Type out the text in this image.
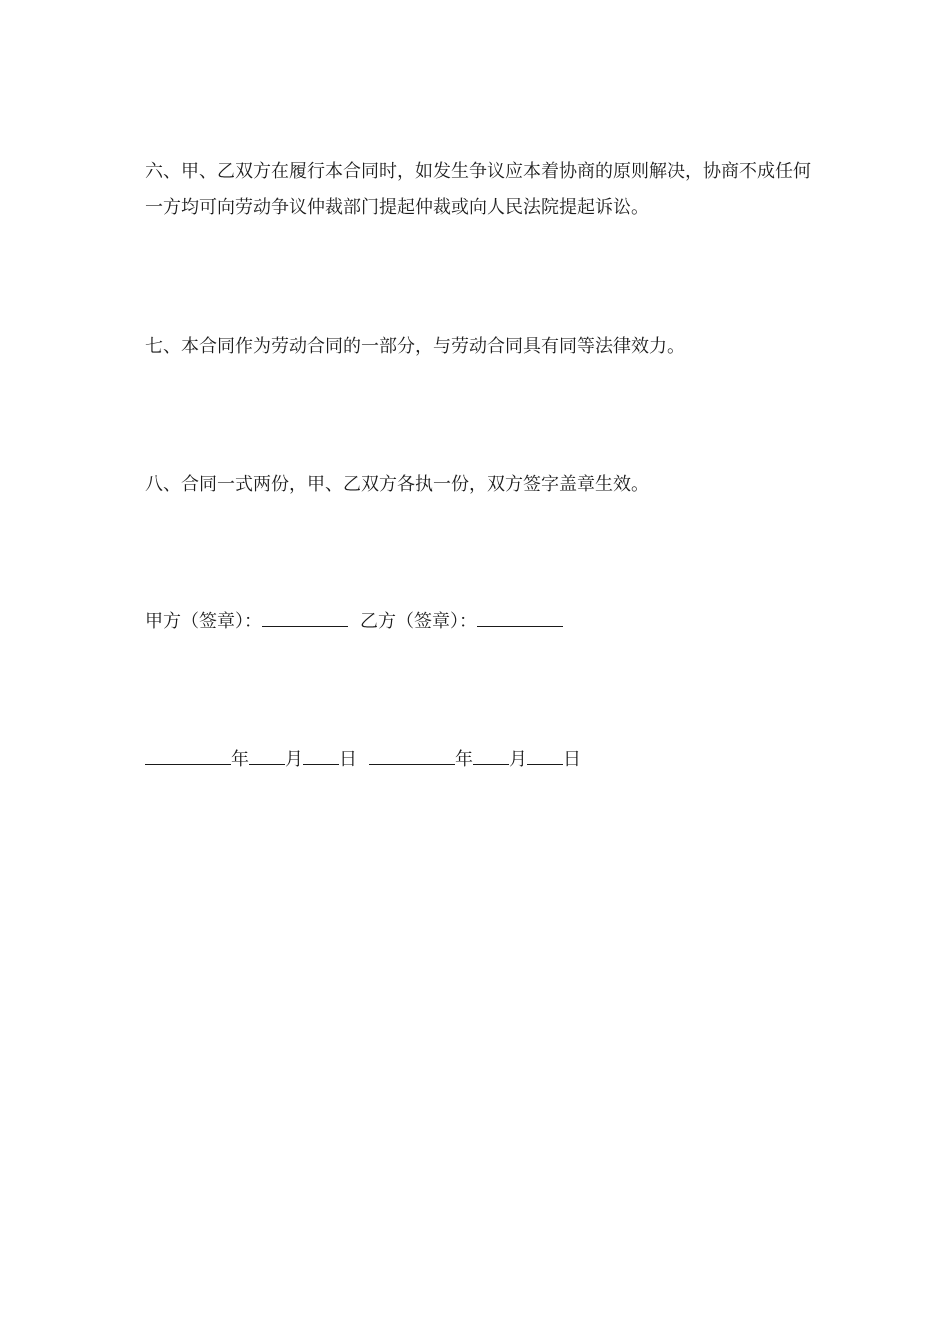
六、甲、乙双方在履行本合同时，如发生争议应本着协商的原则解决，协商不成任何一方均可向劳动争议仲裁部门提起仲裁或向人民法院提起诉讼。

七、本合同作为劳动合同的一部分，与劳动合同具有同等法律效力。

八、合同一式两份，甲、乙双方各执一份，双方签字盖章生效。

甲方（签章）：	乙方（签章）：
年 月 日	年 月 日
